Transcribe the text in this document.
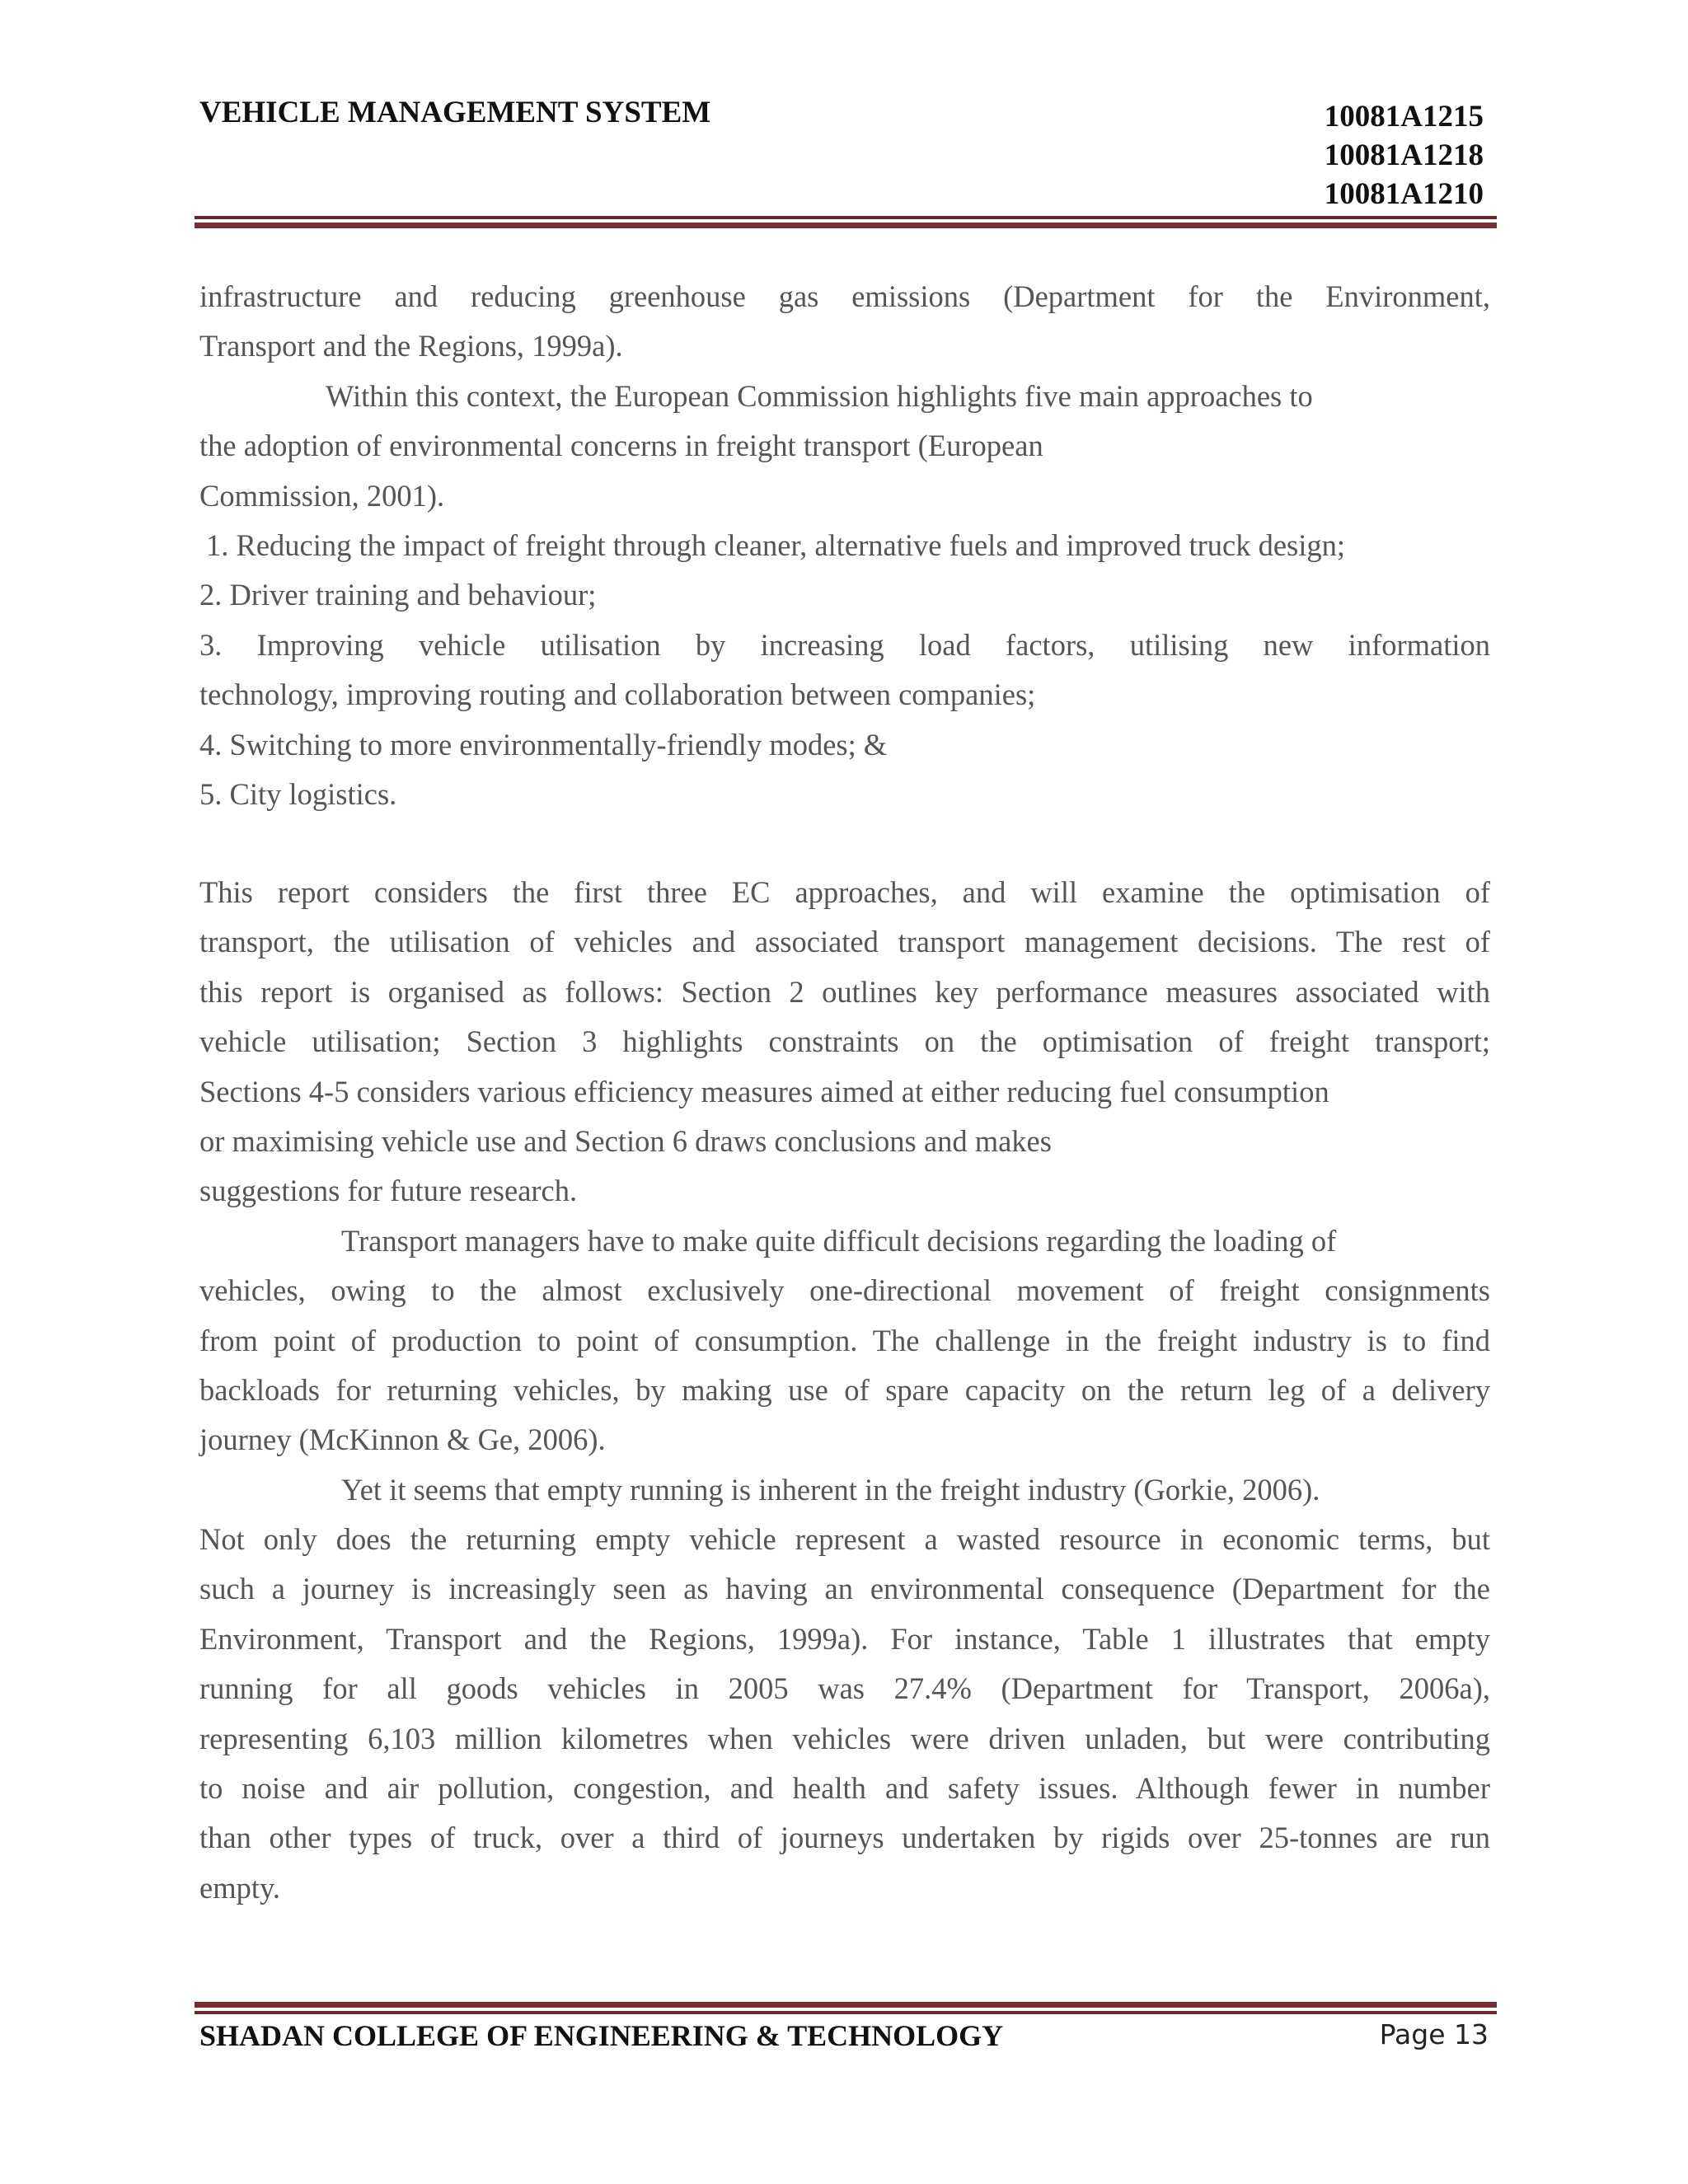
VEHICLE MANAGEMENT SYSTEM	10081A1215
10081A1218
10081A1210
infrastructure and reducing greenhouse gas emissions (Department for the Environment,
Transport and the Regions, 1999a).
Within this context, the European Commission highlights five main approaches to
the adoption of environmental concerns in freight transport (European
Commission, 2001).
1. Reducing the impact of freight through cleaner, alternative fuels and improved truck design;
2. Driver training and behaviour;
3. Improving vehicle utilisation by increasing load factors, utilising new information
technology, improving routing and collaboration between companies;
4. Switching to more environmentally-friendly modes; &
5. City logistics.
This report considers the first three EC approaches, and will examine the optimisation of
transport, the utilisation of vehicles and associated transport management decisions. The rest of
this report is organised as follows: Section 2 outlines key performance measures associated with
vehicle utilisation; Section 3 highlights constraints on the optimisation of freight transport;
Sections 4-5 considers various efficiency measures aimed at either reducing fuel consumption
or maximising vehicle use and Section 6 draws conclusions and makes
suggestions for future research.
Transport managers have to make quite difficult decisions regarding the loading of
vehicles, owing to the almost exclusively one-directional movement of freight consignments
from point of production to point of consumption. The challenge in the freight industry is to find
backloads for returning vehicles, by making use of spare capacity on the return leg of a delivery
journey (McKinnon & Ge, 2006).
Yet it seems that empty running is inherent in the freight industry (Gorkie, 2006).
Not only does the returning empty vehicle represent a wasted resource in economic terms, but
such a journey is increasingly seen as having an environmental consequence (Department for the
Environment, Transport and the Regions, 1999a). For instance, Table 1 illustrates that empty
running for all goods vehicles in 2005 was 27.4% (Department for Transport, 2006a),
representing 6,103 million kilometres when vehicles were driven unladen, but were contributing
to noise and air pollution, congestion, and health and safety issues. Although fewer in number
than other types of truck, over a third of journeys undertaken by rigids over 25-tonnes are run
empty.
SHADAN COLLEGE OF ENGINEERING & TECHNOLOGY	Page 13
